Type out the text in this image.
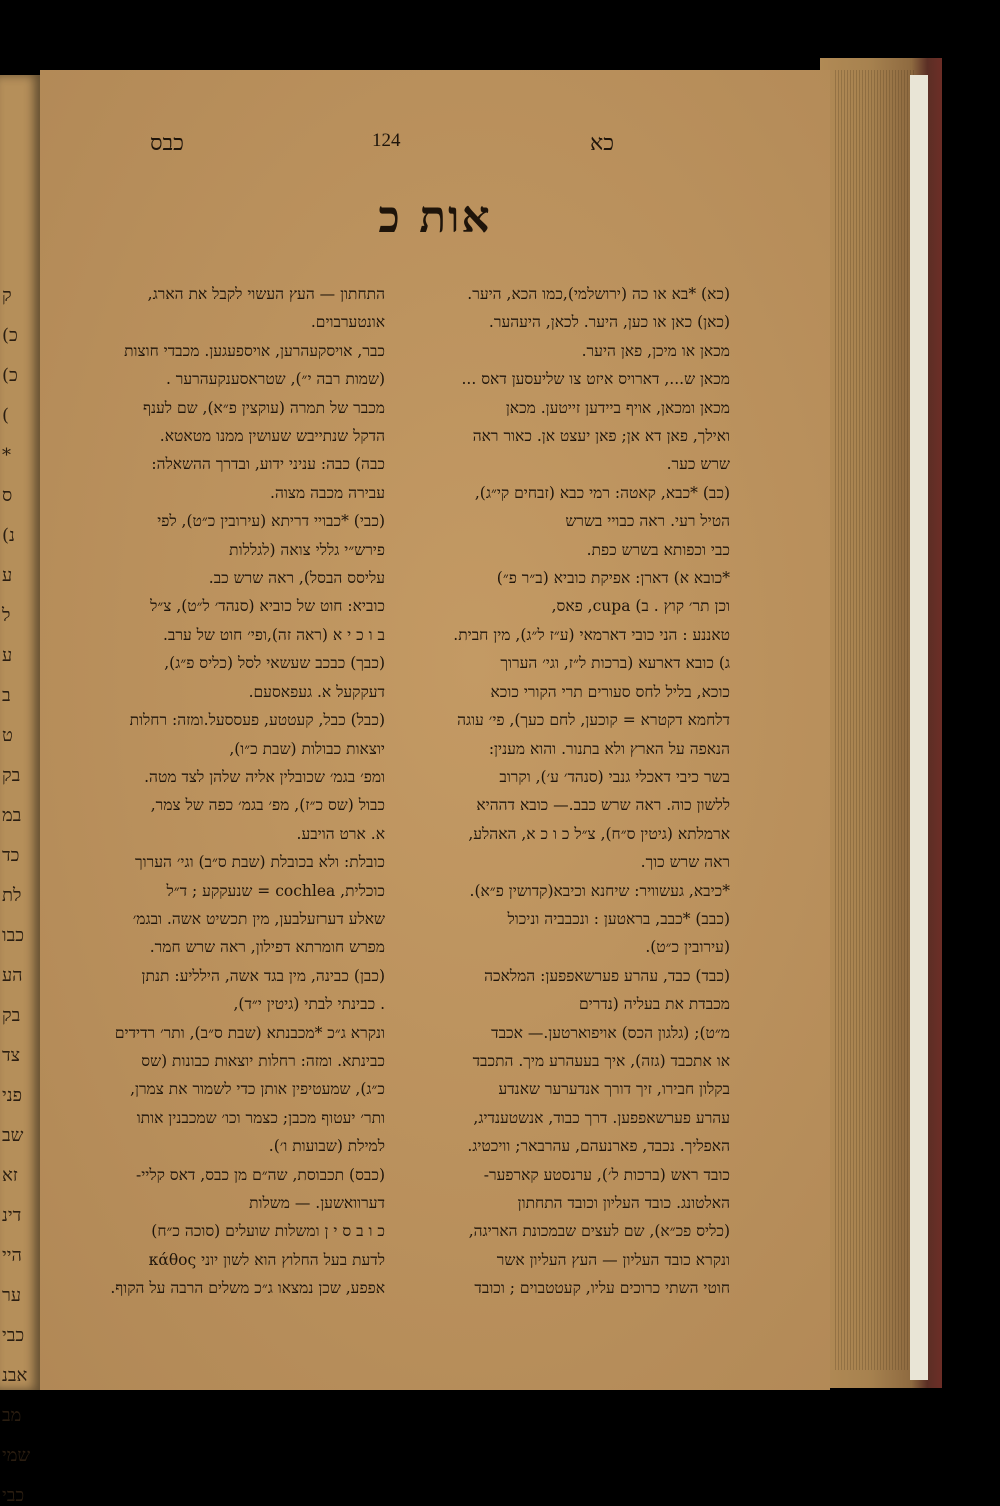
ק
(כ
(כ
(
*
ס
(נ
ע
ל
ע
ב
ט
בק
במ
כד
לת
כבו
הע
בק
צד
פני
שב
זא
דינ
היי
ער
כבי
אבנ
מב
שמי
כבי
כבס	124	כא
אות כ

(כא) *בא או כה (ירושלמי),כמו הכא, היער.

(כאן) כאן או כען, היער. לכאן, היעהער.

מכאן או מיכן, פאן היער.

מכאן ש..., דארויס איזט צו שליעסען דאס ...

מכאן ומכאן, אויף ביידען זייטען. מכאן

ואילך, פאן דא אן; פאן יעצט אן. כאור ראה

שרש כער.

(כב) *כבא, קאטה: רמי כבא (זבחים קי״ג),

הטיל רעי. ראה כבויי בשרש

כבי וכפותא בשרש כפת.

*כובא א) דארן: אפיקת כוביא (ב״ר פ״)

וכן תר׳ קוץ . ב) cupa, פאס,

טאננע : הני כובי דארמאי (ע״ז ל״ג), מין חבית.

ג) כובא דארעא (ברכות ל״ז, וגי׳ הערוך

כוכא, בליל לחס סעורים תרי הקורי כוכא

דלחמא דקטרא = קוכען, לחם כעך), פי׳ עוגה

הנאפה על הארץ ולא בתנור. והוא מענין:

בשר כיבי דאכלי גנבי (סנהד׳ ע׳), וקרוב

ללשון כוה. ראה שרש כבב.— כובא דההיא

ארמלתא (גיטין ס״ח), צ״ל כ ו כ א, האהלע,

ראה שרש כוך.

*כיבא, געשוויר: שיחנא וכיבא(קדושין פ״א).

(כבב) *כבב, בראטען : ונכבביה וניכול

(עירובין כ״ט).

(כבד) כבד, עהרע פערשאפפען: המלאכה

מכבדת את בעליה (נדרים

מ״ט); (גלגון הכס) אויפוארטען.— אכבד

או אתכבד (גזה), איך בעעהרע מיך. התכבד

בקלון חבירו, זיך דורך אנדערער שאנדע

עהרע פערשאפפען. דרך כבוד, אנשטענדיג,

האפליך. נכבד, פארנעהם, עהרבאר; וויכטיג.

כובד ראש (ברכות ל׳), ערנסטע קארפער-

האלטונג. כובד העליון וכובד התחתון

(כליס פכ״א), שם לעצים שבמכונת האריגה,

ונקרא כובד העליון — העץ העליון אשר

חוטי השתי כרוכים עליו, קעטטבוים ; וכובד

התחתון — העץ העשוי לקבל את הארג,

אונטערבוים.

כבר, אויסקעהרען, אויספעגען. מכבדי חוצות

(שמות רבה י״), שטראסענקעהרער .

מכבר של תמרה (עוקצין פ״א), שם לענף

הדקל שנתייבש שעושין ממנו מטאטא.

כבה) כבה: עניני ידוע, ובדרך ההשאלה:

עבירה מכבה מצוה.

(כבי) *כבויי דריתא (עירובין כ״ט), לפי

פירש״י גללי צואה (לגללות

עליסס הבסל), ראה שרש כב.

כוביא: חוט של כוביא (סנהד׳ ל״ט), צ״ל

ב ו כ י א (ראה זה),ופי׳ חוט של ערב.

(כבך) כבכב שעשאי לסל (כליס פ״ג),

דעקקעל א. געפאסעם.

(כבל) כבל, קעטטע, פעססעל.ומזה: רחלות

יוצאות כבולות (שבת כ״ו),

ומפ׳ בגמ׳ שכובלין אליה שלהן לצד מטה.

כבול (שס כ״ז), מפ׳ בגמ׳ כפה של צמר,

א. ארט הויבע.

כובלת: ולא בכובלת (שבת ס״ב) וגי׳ הערוך

כוכלית, cochlea = שנעקקע ; ד״ל

שאלע דערזעלבען, מין תכשיט אשה. ובגמ׳

מפרש חומרתא דפילון, ראה שרש חמר.

(כבן) כבינה, מין בגד אשה, הילליע: תנתן

. כבינתי לבתי (גיטין י״ד),

ונקרא ג״כ *מכבנתא (שבת ס״ב), ותר׳ רדידים

כבינתא. ומזה: רחלות יוצאות כבונות (שס

כ״ג), שמעטיפין אותן כדי לשמור את צמרן,

ותר׳ יעטוף מכבן; כצמר וכו׳ שמכבנין אותו

למילת (שבועות ו׳).

(כבס) תכבוסת, שה״ם מן כבס, דאס קליי-

דערוואשען. — משלות

כ ו ב ס י ן ומשלות שועלים (סוכה כ״ח)

לדעת בעל החלוץ הוא לשון יוני κάθος

אפפע, שכן נמצאו ג״כ משלים הרבה על הקוף.
